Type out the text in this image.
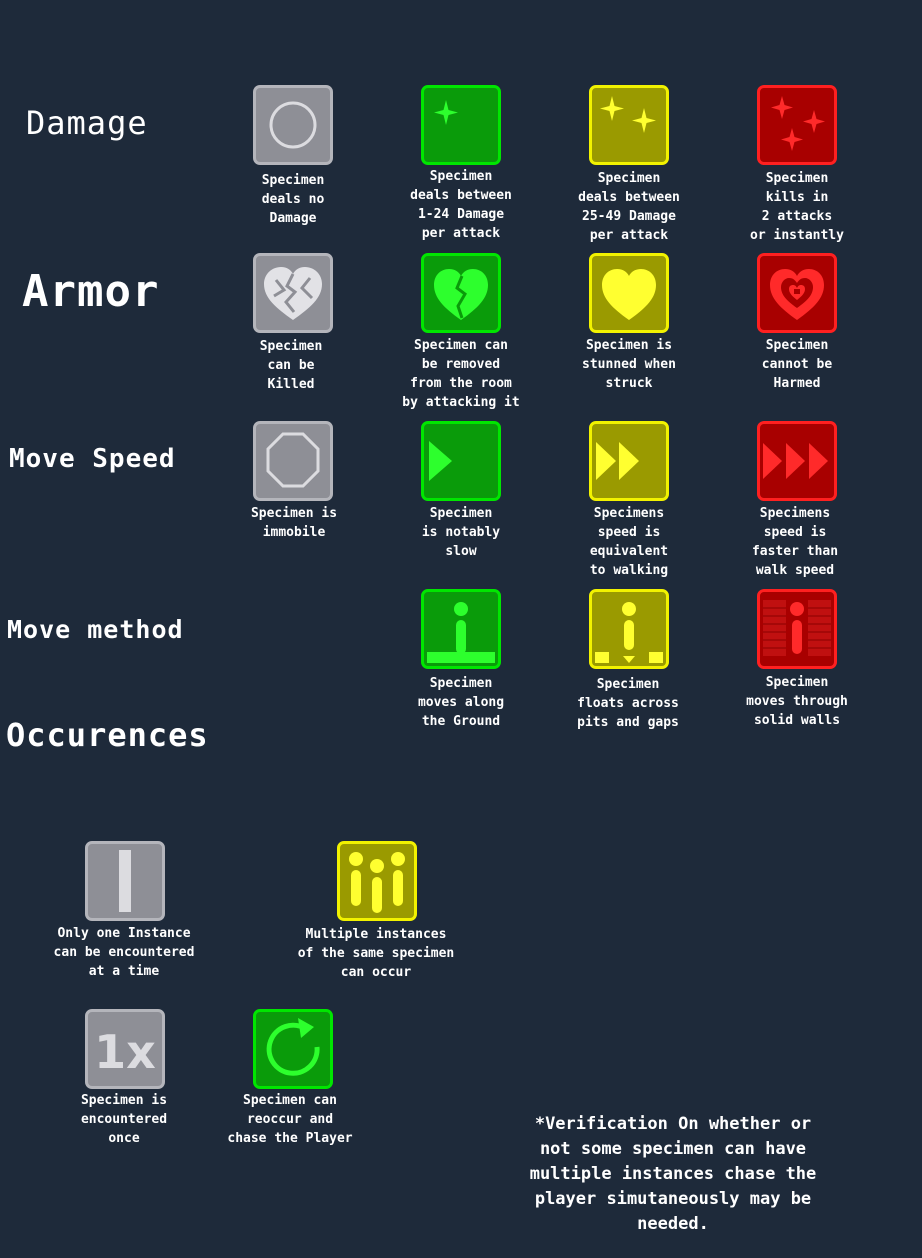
Damage
Armor
Move Speed
Move method
Occurences
Specimen
deals no
Damage
Specimen
deals between
1-24 Damage
per attack
Specimen
deals between
25-49 Damage
per attack
Specimen
kills in
2 attacks
or instantly
Specimen
can be
Killed
Specimen can
be removed
from the room
by attacking it
Specimen is
stunned when
struck
Specimen
cannot be
Harmed
Specimen is
immobile
Specimen
is notably
slow
Specimens
speed is
equivalent
to walking
Specimens
speed is
faster than
walk speed
Specimen
moves along
the Ground
Specimen
floats across
pits and gaps
Specimen
moves through
solid walls
Only one Instance
can be encountered
at a time
Multiple instances
of the same specimen
can occur
1x
Specimen is
encountered
once
Specimen can
reoccur and
chase the Player
*Verification On whether or
not some specimen can have
multiple instances chase the
player simutaneously may be
needed.
